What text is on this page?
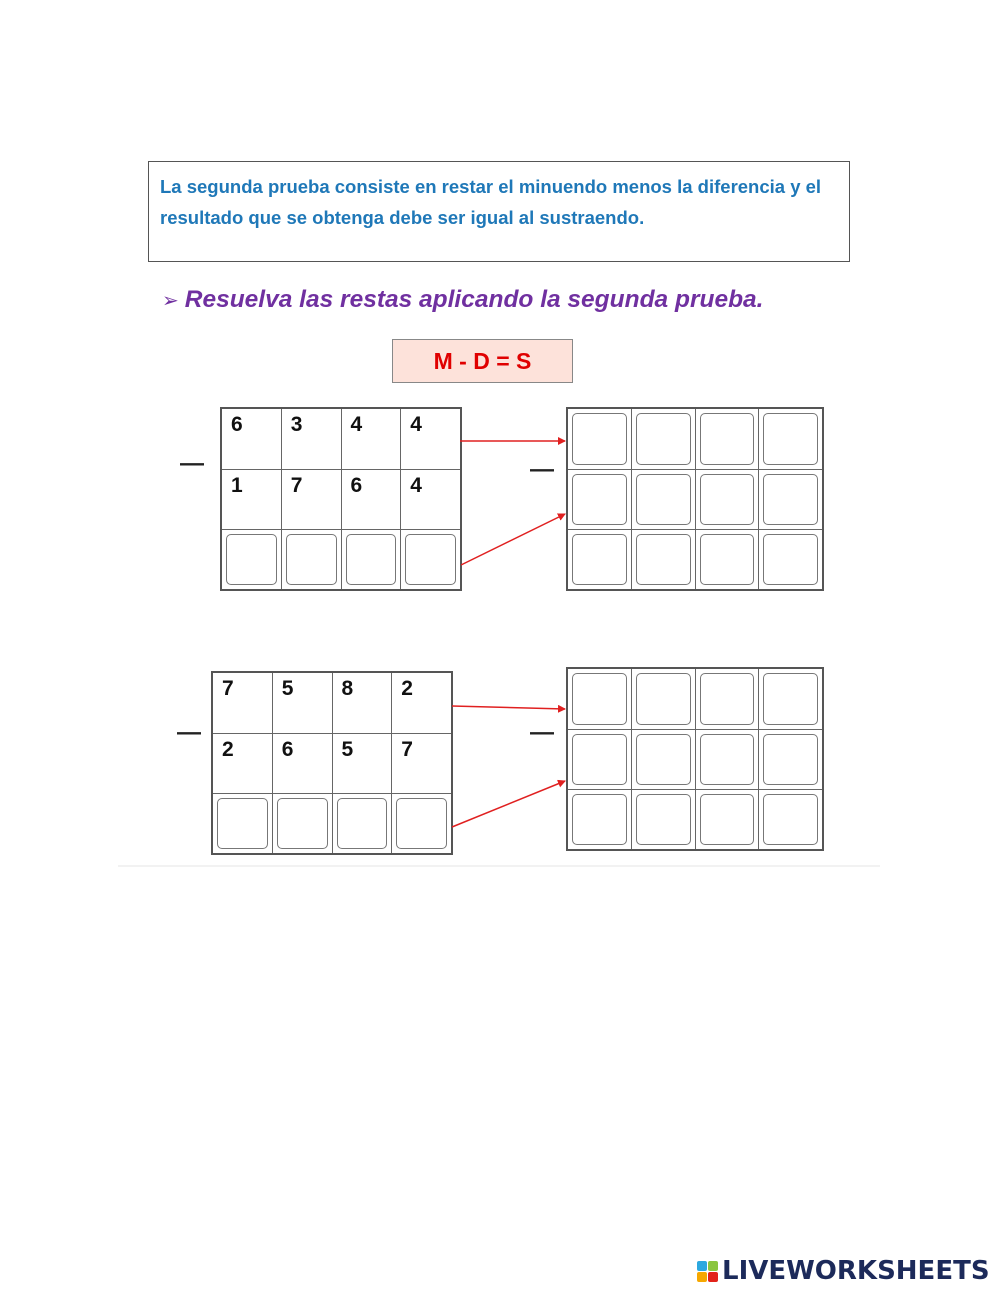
La segunda prueba consiste en restar el minuendo menos la diferencia y el resultado que se obtenga debe ser igual al sustraendo.
➢ Resuelva las restas aplicando la segunda prueba.
M - D = S
—
6 3 4 4
1 7 6 4
—
—
7 5 8 2
2 6 5 7
—
LIVEWORKSHEETS
